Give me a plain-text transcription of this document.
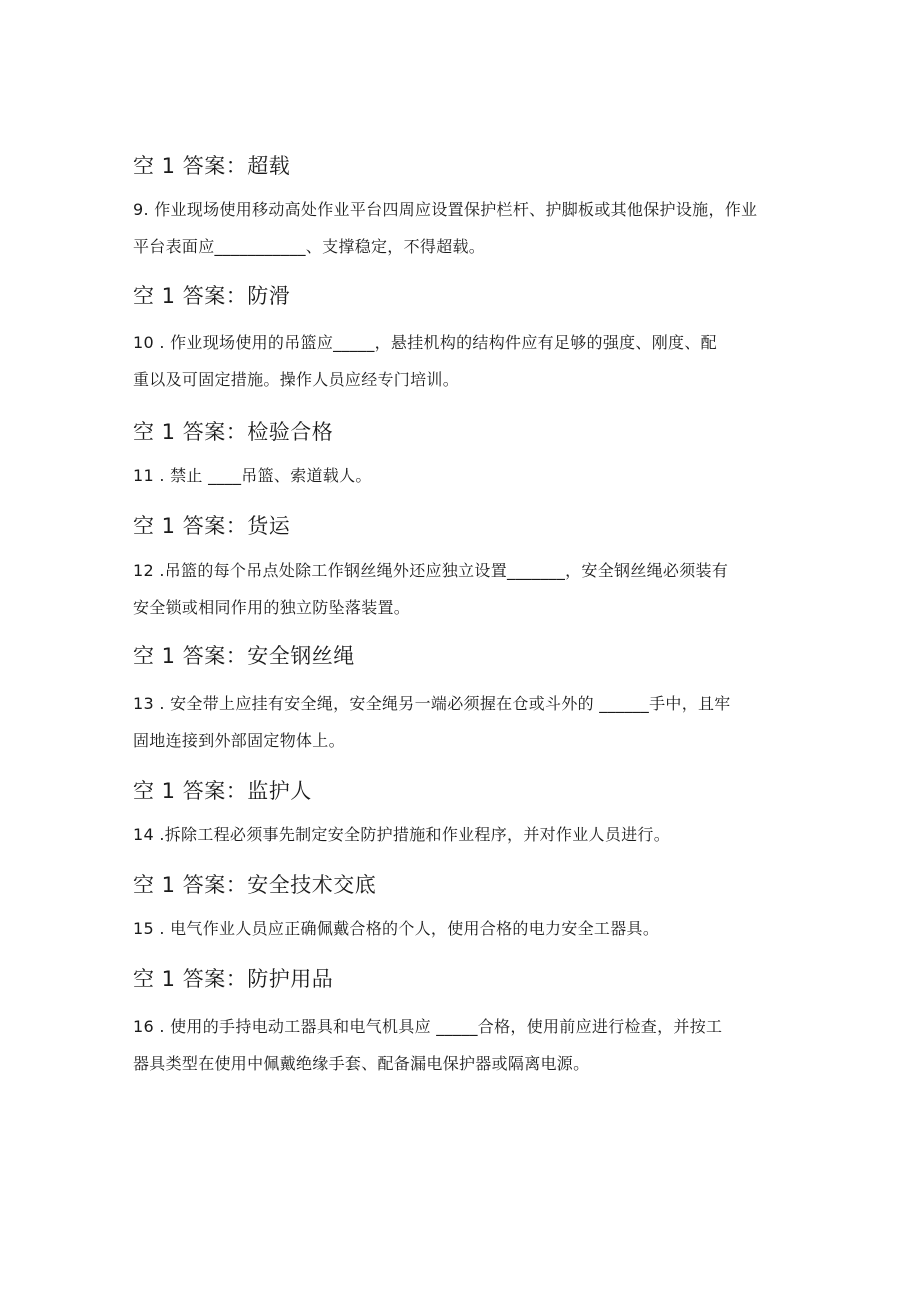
空 1 答案：超载
9. 作业现场使用移动高处作业平台四周应设置保护栏杆、护脚板或其他保护设施，作业
平台表面应___________、支撑稳定，不得超载。
空 1 答案：防滑
10 . 作业现场使用的吊篮应_____，悬挂机构的结构件应有足够的强度、刚度、配
重以及可固定措施。操作人员应经专门培训。
空 1 答案：检验合格
11 . 禁止 ____吊篮、索道载人。
空 1 答案：货运
12 .吊篮的每个吊点处除工作钢丝绳外还应独立设置_______，安全钢丝绳必须装有
安全锁或相同作用的独立防坠落装置。
空 1 答案：安全钢丝绳
13 . 安全带上应挂有安全绳，安全绳另一端必须握在仓或斗外的 ______手中，且牢
固地连接到外部固定物体上。
空 1 答案：监护人
14 .拆除工程必须事先制定安全防护措施和作业程序，并对作业人员进行。
空 1 答案：安全技术交底
15 . 电气作业人员应正确佩戴合格的个人，使用合格的电力安全工器具。
空 1 答案：防护用品
16 . 使用的手持电动工器具和电气机具应 _____合格，使用前应进行检查，并按工
器具类型在使用中佩戴绝缘手套、配备漏电保护器或隔离电源。
